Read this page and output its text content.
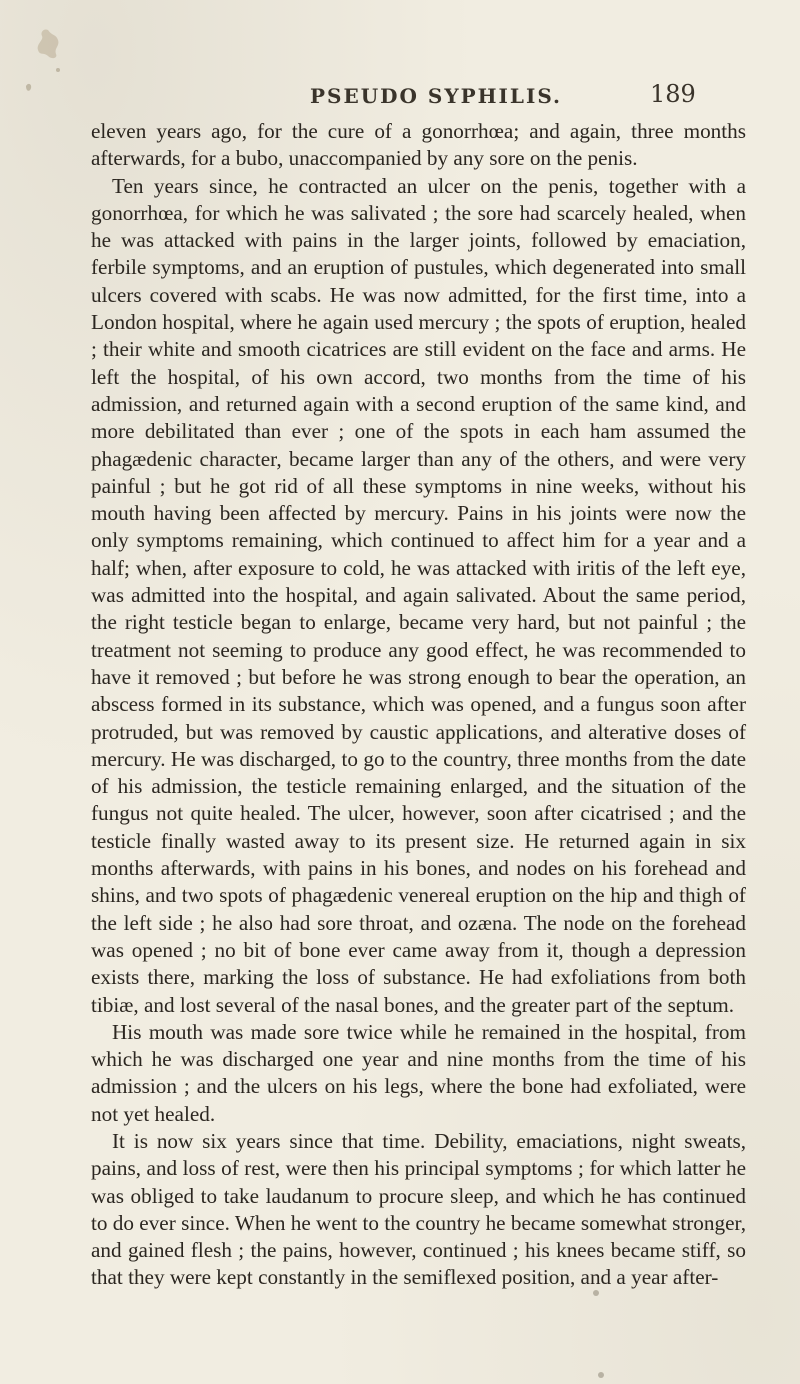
PSEUDO SYPHILIS.	189

eleven years ago, for the cure of a gonorrhœa; and again, three months afterwards, for a bubo, unaccompanied by any sore on the penis.

Ten years since, he contracted an ulcer on the penis, together with a gonorrhœa, for which he was salivated ; the sore had scarcely healed, when he was attacked with pains in the larger joints, followed by emaciation, ferbile symptoms, and an eruption of pustules, which degenerated into small ulcers covered with scabs. He was now admitted, for the first time, into a London hospital, where he again used mercury ; the spots of eruption, healed ; their white and smooth cicatrices are still evident on the face and arms. He left the hospital, of his own accord, two months from the time of his admission, and returned again with a second eruption of the same kind, and more debilitated than ever ; one of the spots in each ham assumed the phagædenic character, became larger than any of the others, and were very painful ; but he got rid of all these symptoms in nine weeks, without his mouth having been affected by mercury. Pains in his joints were now the only symptoms remaining, which continued to affect him for a year and a half; when, after exposure to cold, he was attacked with iritis of the left eye, was admitted into the hospital, and again salivated. About the same period, the right testicle began to enlarge, became very hard, but not painful ; the treatment not seeming to produce any good effect, he was recommended to have it removed ; but before he was strong enough to bear the operation, an abscess formed in its substance, which was opened, and a fungus soon after protruded, but was removed by caustic applications, and alterative doses of mercury. He was discharged, to go to the country, three months from the date of his admission, the testicle remaining enlarged, and the situation of the fungus not quite healed. The ulcer, however, soon after cicatrised ; and the testicle finally wasted away to its present size. He returned again in six months afterwards, with pains in his bones, and nodes on his forehead and shins, and two spots of phagædenic venereal eruption on the hip and thigh of the left side ; he also had sore throat, and ozæna. The node on the forehead was opened ; no bit of bone ever came away from it, though a depression exists there, marking the loss of substance. He had exfoliations from both tibiæ, and lost several of the nasal bones, and the greater part of the septum.

His mouth was made sore twice while he remained in the hospital, from which he was discharged one year and nine months from the time of his admission ; and the ulcers on his legs, where the bone had exfoliated, were not yet healed.

It is now six years since that time. Debility, emaciations, night sweats, pains, and loss of rest, were then his principal symptoms ; for which latter he was obliged to take laudanum to procure sleep, and which he has continued to do ever since. When he went to the country he became somewhat stronger, and gained flesh ; the pains, however, continued ; his knees became stiff, so that they were kept constantly in the semiflexed position, and a year after-
